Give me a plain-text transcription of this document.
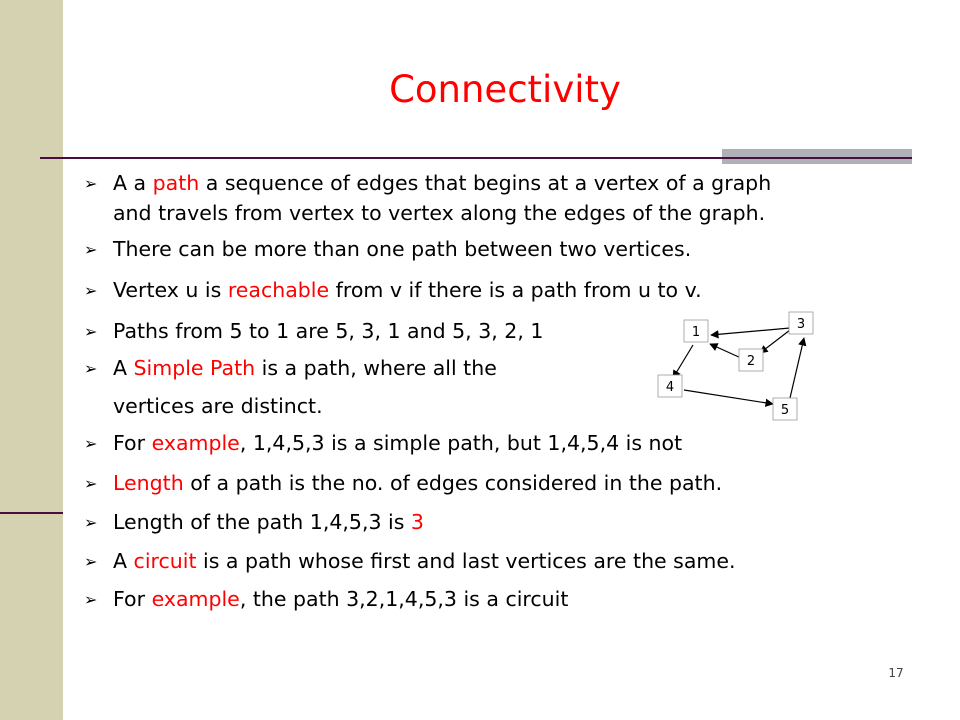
Connectivity
➢ A a path a sequence of edges that begins at a vertex of a graph
and travels from vertex to vertex along the edges of the graph.
➢ There can be more than one path between two vertices.
➢ Vertex u is reachable from v if there is a path from u to v.
➢ Paths from 5 to 1 are 5, 3, 1 and 5, 3, 2, 1
➢ A Simple Path is a path, where all the
vertices are distinct.
➢ For example, 1,4,5,3 is a simple path, but 1,4,5,4 is not
➢ Length of a path is the no. of edges considered in the path.
➢ Length of the path 1,4,5,3 is 3
➢ A circuit is a path whose first and last vertices are the same.
➢ For example, the path 3,2,1,4,5,3 is a circuit
1
3
2
4
5
17
